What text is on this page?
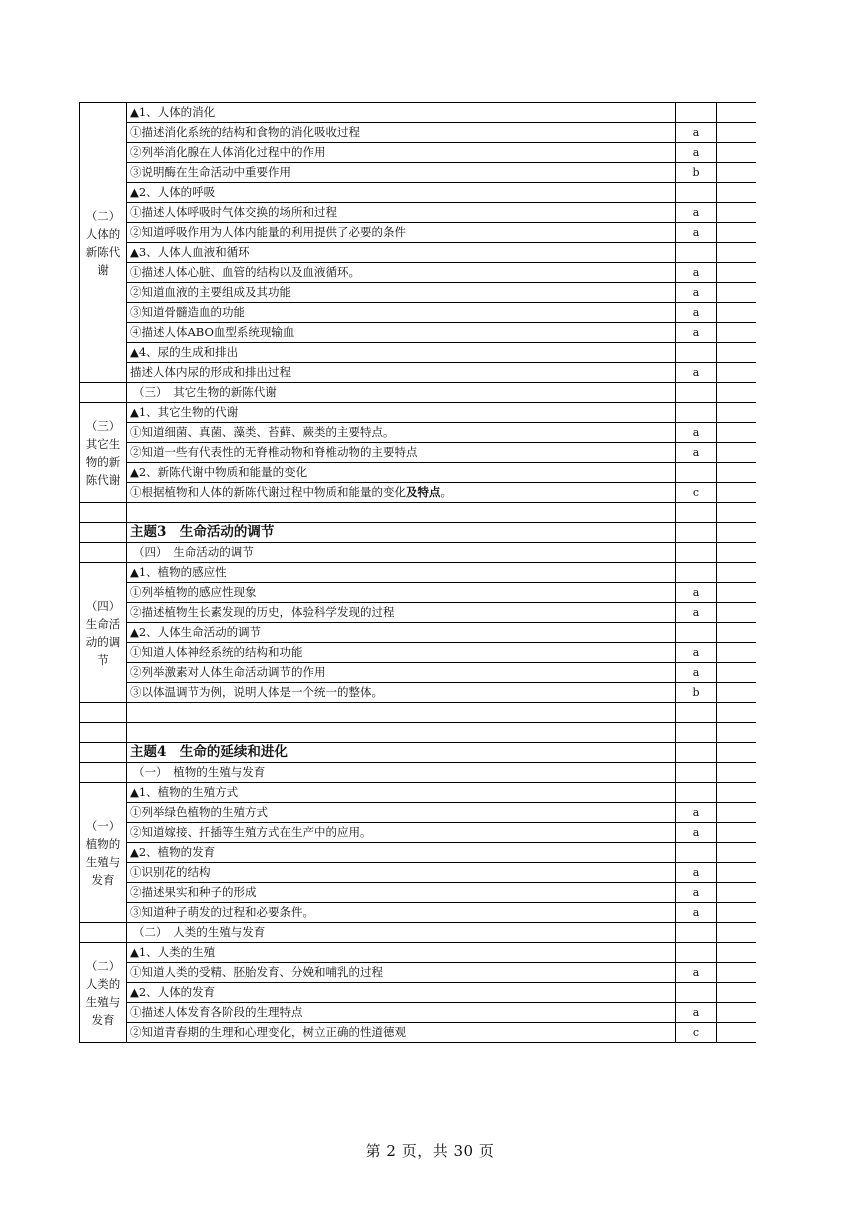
（二）人体的新陈代谢	▲1、人体的消化		
	①描述消化系统的结构和食物的消化吸收过程	a	
	②列举消化腺在人体消化过程中的作用	a	
	③说明酶在生命活动中重要作用	b	
	▲2、人体的呼吸		
	①描述人体呼吸时气体交换的场所和过程	a	
	②知道呼吸作用为人体内能量的利用提供了必要的条件	a	
	▲3、人体人血液和循环		
	①描述人体心脏、血管的结构以及血液循环。	a	
	②知道血液的主要组成及其功能	a	
	③知道骨髓造血的功能	a	
	④描述人体ABO血型系统现输血	a	
	▲4、尿的生成和排出		
	描述人体内尿的形成和排出过程	a	
	（三）　其它生物的新陈代谢		
（三）其它生物的新陈代谢	▲1、其它生物的代谢		
	①知道细菌、真菌、藻类、苔藓、蕨类的主要特点。	a	
	②知道一些有代表性的无脊椎动物和脊椎动物的主要特点	a	
	▲2、新陈代谢中物质和能量的变化		
	①根据植物和人体的新陈代谢过程中物质和能量的变化及特点。	c	

	主题3　生命活动的调节		
	（四）　生命活动的调节		
（四）生命活动的调节	▲1、植物的感应性		
	①列举植物的感应性现象	a	
	②描述植物生长素发现的历史，体验科学发现的过程	a	
	▲2、人体生命活动的调节		
	①知道人体神经系统的结构和功能	a	
	②列举激素对人体生命活动调节的作用	a	
	③以体温调节为例，说明人体是一个统一的整体。	b	

	主题4　生命的延续和进化		
	（一）　植物的生殖与发育		
（一）植物的生殖与发育	▲1、植物的生殖方式		
	①列举绿色植物的生殖方式	a	
	②知道嫁接、扦插等生殖方式在生产中的应用。	a	
	▲2、植物的发育		
	①识别花的结构	a	
	②描述果实和种子的形成	a	
	③知道种子萌发的过程和必要条件。	a	
	（二）　人类的生殖与发育		
（二）人类的生殖与发育	▲1、人类的生殖		
	①知道人类的受精、胚胎发育、分娩和哺乳的过程	a	
	▲2、人体的发育		
	①描述人体发育各阶段的生理特点	a	
	②知道青春期的生理和心理变化，树立正确的性道德观	c	
第 2 页，共 30 页
